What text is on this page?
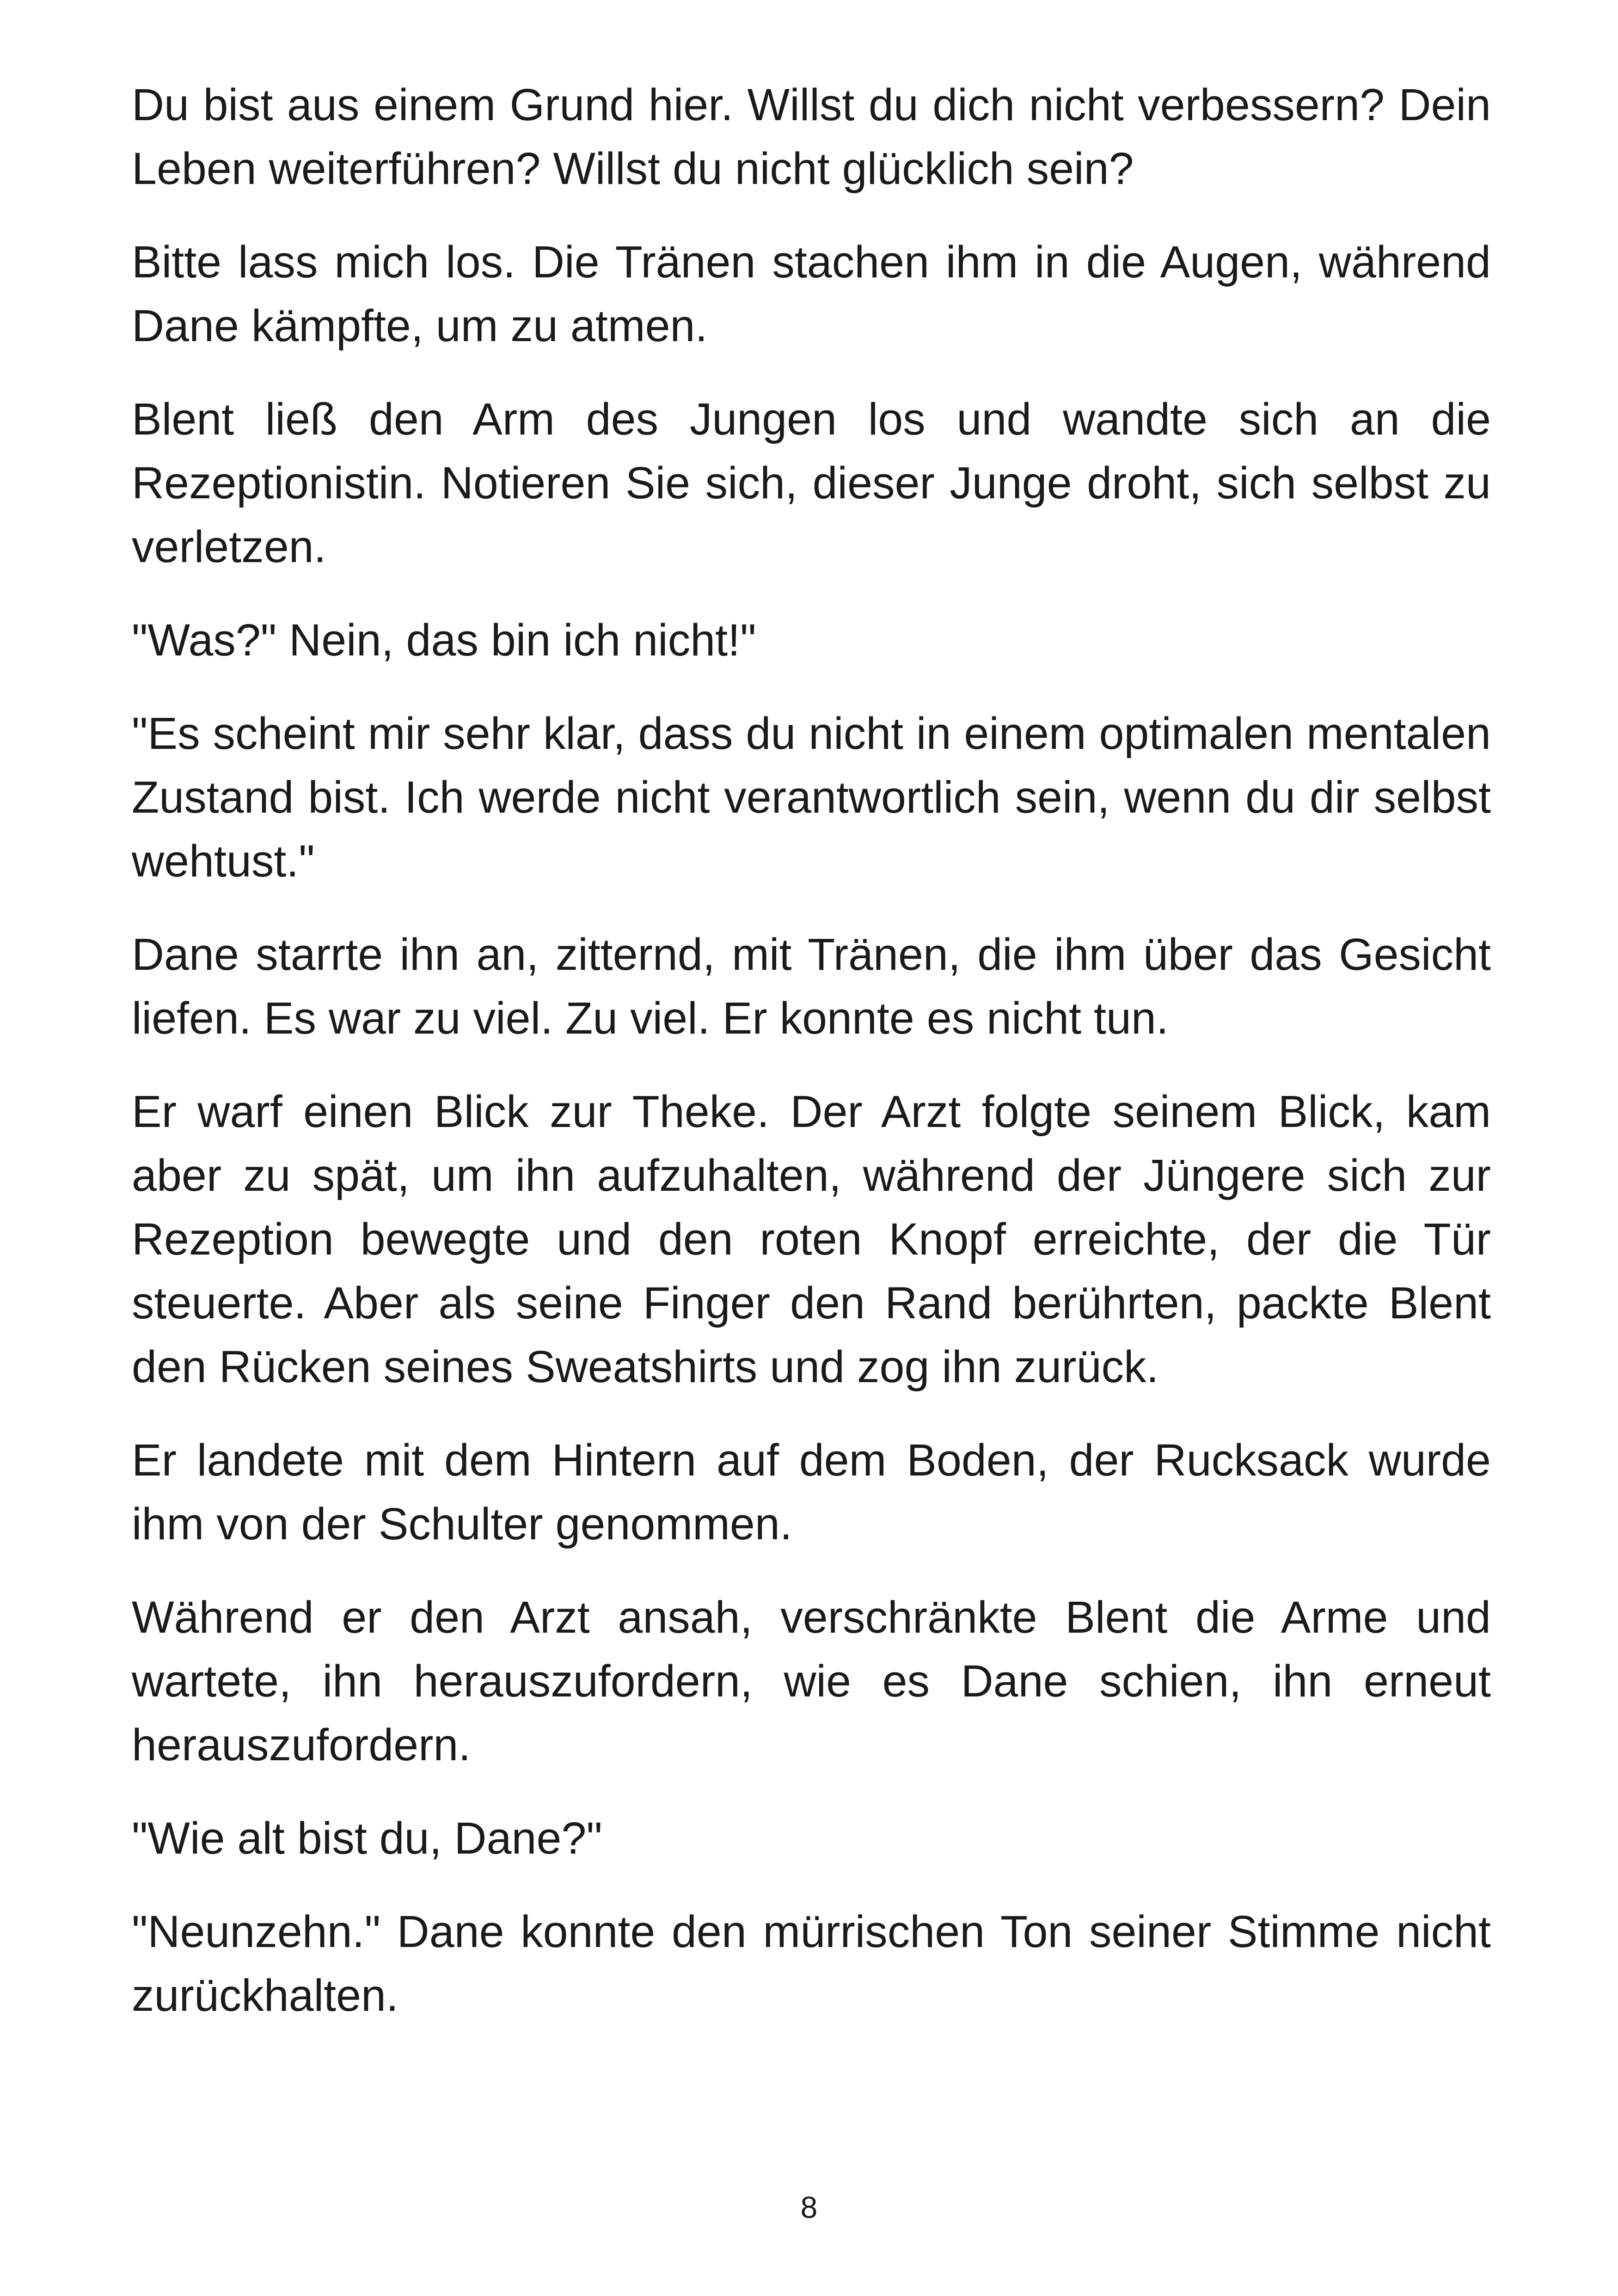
Du bist aus einem Grund hier. Willst du dich nicht verbessern? Dein Leben weiterführen? Willst du nicht glücklich sein?

Bitte lass mich los. Die Tränen stachen ihm in die Augen, während Dane kämpfte, um zu atmen.

Blent ließ den Arm des Jungen los und wandte sich an die Rezeptionistin. Notieren Sie sich, dieser Junge droht, sich selbst zu verletzen.

"Was?" Nein, das bin ich nicht!"

"Es scheint mir sehr klar, dass du nicht in einem optimalen mentalen Zustand bist. Ich werde nicht verantwortlich sein, wenn du dir selbst wehtust."

Dane starrte ihn an, zitternd, mit Tränen, die ihm über das Gesicht liefen. Es war zu viel. Zu viel. Er konnte es nicht tun.

Er warf einen Blick zur Theke. Der Arzt folgte seinem Blick, kam aber zu spät, um ihn aufzuhalten, während der Jüngere sich zur Rezeption bewegte und den roten Knopf erreichte, der die Tür steuerte. Aber als seine Finger den Rand berührten, packte Blent den Rücken seines Sweatshirts und zog ihn zurück.

Er landete mit dem Hintern auf dem Boden, der Rucksack wurde ihm von der Schulter genommen.

Während er den Arzt ansah, verschränkte Blent die Arme und wartete, ihn herauszufordern, wie es Dane schien, ihn erneut herauszufordern.

"Wie alt bist du, Dane?"

"Neunzehn." Dane konnte den mürrischen Ton seiner Stimme nicht zurückhalten.

8
